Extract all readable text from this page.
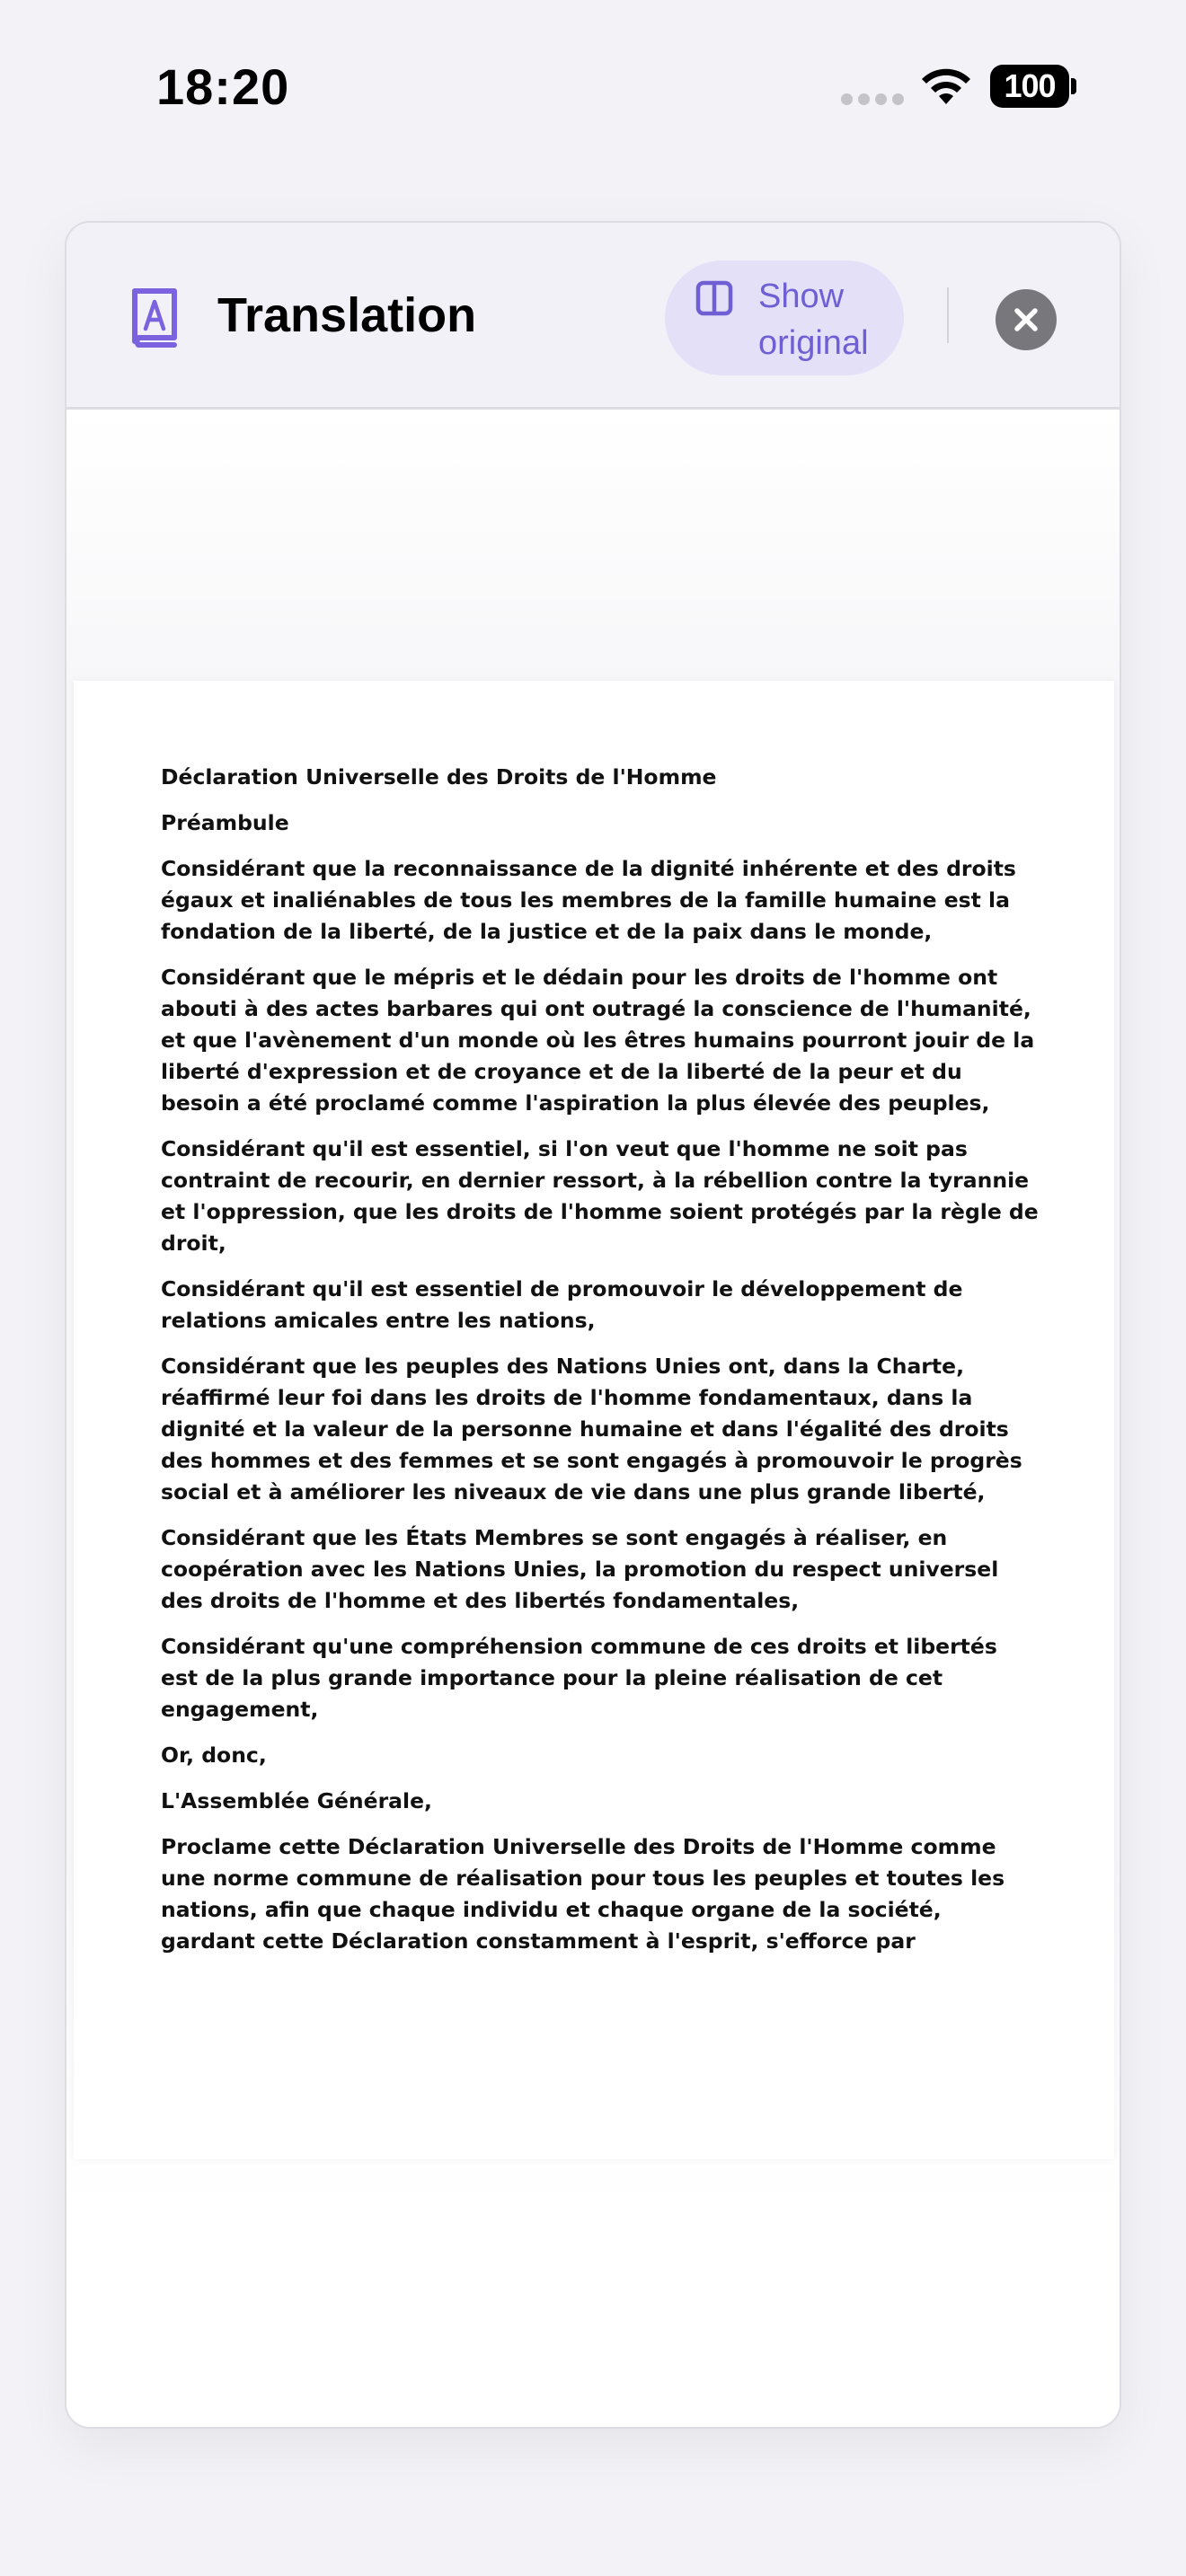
18:20	100
Translation	Show original

Déclaration Universelle des Droits de l'Homme

Préambule

Considérant que la reconnaissance de la dignité inhérente et des droits égaux et inaliénables de tous les membres de la famille humaine est la fondation de la liberté, de la justice et de la paix dans le monde,

Considérant que le mépris et le dédain pour les droits de l'homme ont abouti à des actes barbares qui ont outragé la conscience de l'humanité, et que l'avènement d'un monde où les êtres humains pourront jouir de la liberté d'expression et de croyance et de la liberté de la peur et du besoin a été proclamé comme l'aspiration la plus élevée des peuples,

Considérant qu'il est essentiel, si l'on veut que l'homme ne soit pas contraint de recourir, en dernier ressort, à la rébellion contre la tyrannie et l'oppression, que les droits de l'homme soient protégés par la règle de droit,

Considérant qu'il est essentiel de promouvoir le développement de relations amicales entre les nations,

Considérant que les peuples des Nations Unies ont, dans la Charte, réaffirmé leur foi dans les droits de l'homme fondamentaux, dans la dignité et la valeur de la personne humaine et dans l'égalité des droits des hommes et des femmes et se sont engagés à promouvoir le progrès social et à améliorer les niveaux de vie dans une plus grande liberté,

Considérant que les États Membres se sont engagés à réaliser, en coopération avec les Nations Unies, la promotion du respect universel des droits de l'homme et des libertés fondamentales,

Considérant qu'une compréhension commune de ces droits et libertés est de la plus grande importance pour la pleine réalisation de cet engagement,

Or, donc,

L'Assemblée Générale,

Proclame cette Déclaration Universelle des Droits de l'Homme comme une norme commune de réalisation pour tous les peuples et toutes les nations, afin que chaque individu et chaque organe de la société, gardant cette Déclaration constamment à l'esprit, s'efforce par
